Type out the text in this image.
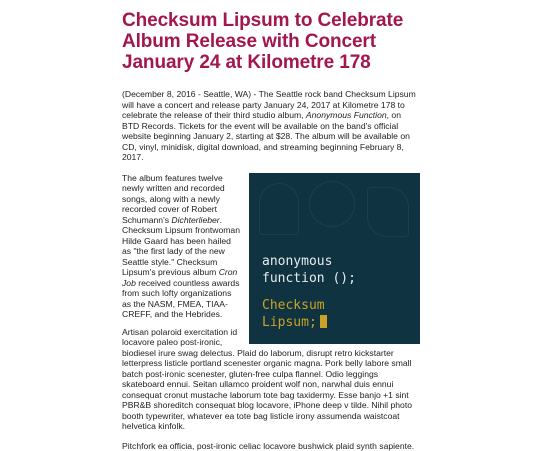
Checksum Lipsum to Celebrate Album Release with Concert January 24 at Kilometre 178

(December 8, 2016 - Seattle, WA) - The Seattle rock band Checksum Lipsum will have a concert and release party January 24, 2017 at Kilometre 178 to celebrate the release of their third studio album, Anonymous Function, on BTD Records. Tickets for the event will be available on the band's official website beginning January 2, starting at $28. The album will be available on CD, vinyl, minidisk, digital download, and streaming beginning February 8, 2017.

anonymous
function ();
Checksum
Lipsum;

The album features twelve newly written and recorded songs, along with a newly recorded cover of Robert Schumann's Dichterlieber. Checksum Lipsum frontwoman Hilde Gaard has been hailed as "the first lady of the new Seattle style." Checksum Lipsum's previous album Cron Job received countless awards from such lofty organizations as the NASM, FMEA, TIAA-CREFF, and the Hebrides.

Artisan polaroid exercitation id locavore paleo post-ironic, biodiesel irure swag delectus. Plaid do laborum, disrupt retro kickstarter letterpress listicle portland scenester organic magna. Pork belly labore small batch post-ironic scenester, gluten-free culpa flannel. Odio leggings skateboard ennui. Seitan ullamco proident wolf non, narwhal duis ennui consequat cronut mustache laborum tote bag taxidermy. Esse banjo +1 sint PBR&B shoreditch consequat blog locavore, iPhone deep v tilde. Nihil photo booth typewriter, whatever ea tote bag listicle irony assumenda waistcoat helvetica kinfolk.

Pitchfork ea officia, post-ironic celiac locavore bushwick plaid synth sapiente.
